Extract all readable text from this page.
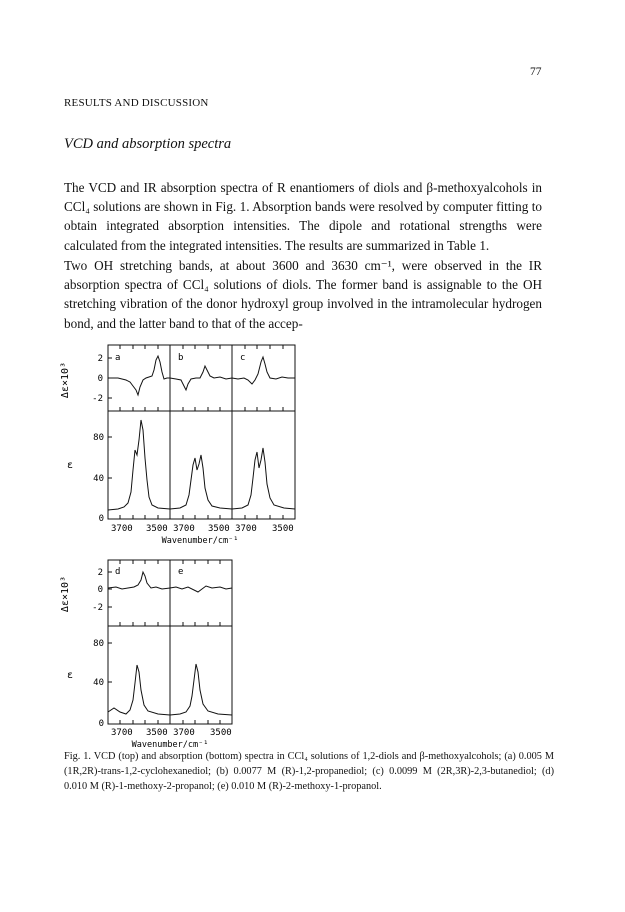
77
RESULTS AND DISCUSSION
VCD and absorption spectra
The VCD and IR absorption spectra of R enantiomers of diols and β-methoxyalcohols in CCl₄ solutions are shown in Fig. 1. Absorption bands were resolved by computer fitting to obtain integrated absorption intensities. The dipole and rotational strengths were calculated from the integrated intensities. The results are summarized in Table 1.
Two OH stretching bands, at about 3600 and 3630 cm⁻¹, were observed in the IR absorption spectra of CCl₄ solutions of diols. The former band is assignable to the OH stretching vibration of the donor hydroxyl group involved in the intramolecular hydrogen bond, and the latter band to that of the accep-
Δε×10³
ε
2
0
-2
80
40
0
a	b	c
3700 3500 3700 3500 3700 3500
Wavenumber/cm⁻¹
Δε×10³
ε
2
0
-2
80
40
0
d	e
3700 3500 3700 3500
Wavenumber/cm⁻¹
Fig. 1. VCD (top) and absorption (bottom) spectra in CCl₄ solutions of 1,2-diols and β-methoxyalcohols; (a) 0.005 M (1R,2R)-trans-1,2-cyclohexanediol; (b) 0.0077 M (R)-1,2-propanediol; (c) 0.0099 M (2R,3R)-2,3-butanediol; (d) 0.010 M (R)-1-methoxy-2-propanol; (e) 0.010 M (R)-2-methoxy-1-propanol.
